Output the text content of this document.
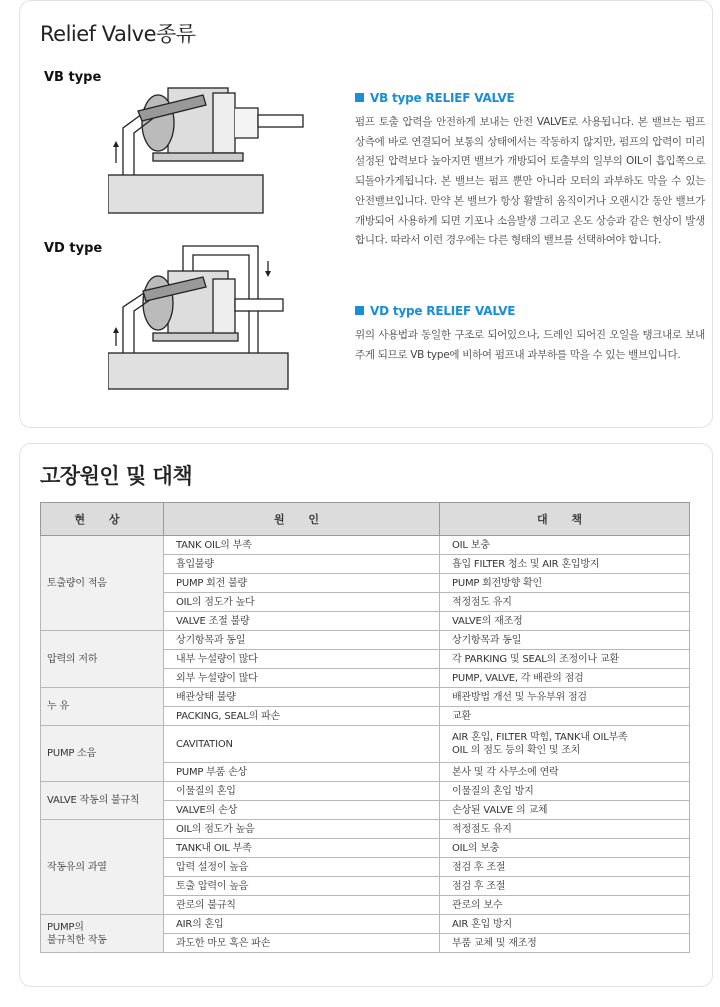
Relief Valve종류
VB type
VD type
VB type RELIEF VALVE
펌프 토출 압력을 안전하게 보내는 안전 VALVE로 사용됩니다. 본 밸브는 펌프 상측에 바로 연결되어 보통의 상태에서는 작동하지 않지만, 펌프의 압력이 미리 설정된 압력보다 높아지면 밸브가 개방되어 토출부의 일부의 OIL이 흡입쪽으로 되돌아가게됩니다. 본 밸브는 펌프 뿐만 아니라 모터의 과부하도 막을 수 있는 안전밸브입니다. 만약 본 밸브가 항상 활발히 움직이거나 오랜시간 동안 밸브가 개방되어 사용하게 되면 기포나 소음발생 그리고 온도 상승과 같은 현상이 발생합니다. 따라서 이런 경우에는 다른 형태의 밸브를 선택하여야 합니다.
VD type RELIEF VALVE
위의 사용법과 동일한 구조로 되어있으나, 드레인 되어진 오일을 탱크내로 보내주게 되므로 VB type에 비하여 펌프내 과부하를 막을 수 있는 밸브입니다.
고장원인 및 대책
현 상	원 인	대 책
토출량이 적음	TANK OIL의 부족	OIL 보충
	흡입불량	흡입 FILTER 청소 및 AIR 혼입방지
	PUMP 회전 불량	PUMP 회전방향 확인
	OIL의 점도가 높다	적정점도 유지
	VALVE 조절 불량	VALVE의 재조정
압력의 저하	상기항목과 동일	상기항목과 동일
	내부 누설량이 많다	각 PARKING 및 SEAL의 조정이나 교환
	외부 누설량이 많다	PUMP, VALVE, 각 배관의 점검
누 유	배관상태 불량	배관방법 개선 및 누유부위 점검
	PACKING, SEAL의 파손	교환
PUMP 소음	CAVITATION	AIR 혼입, FILTER 막힘, TANK내 OIL부족
OIL 의 점도 등의 확인 및 조치
	PUMP 부품 손상	본사 및 각 사무소에 연락
VALVE 작동의 불규칙	이물질의 혼입	이물질의 혼입 방지
	VALVE의 손상	손상된 VALVE 의 교체
작동유의 과열	OIL의 점도가 높음	적정점도 유지
	TANK내 OIL 부족	OIL의 보충
	압력 설정이 높음	점검 후 조절
	토출 압력이 높음	점검 후 조절
	관로의 불규칙	관로의 보수
PUMP의
불규칙한 작동	AIR의 혼입	AIR 혼입 방지
	과도한 마모 혹은 파손	부품 교체 및 재조정
